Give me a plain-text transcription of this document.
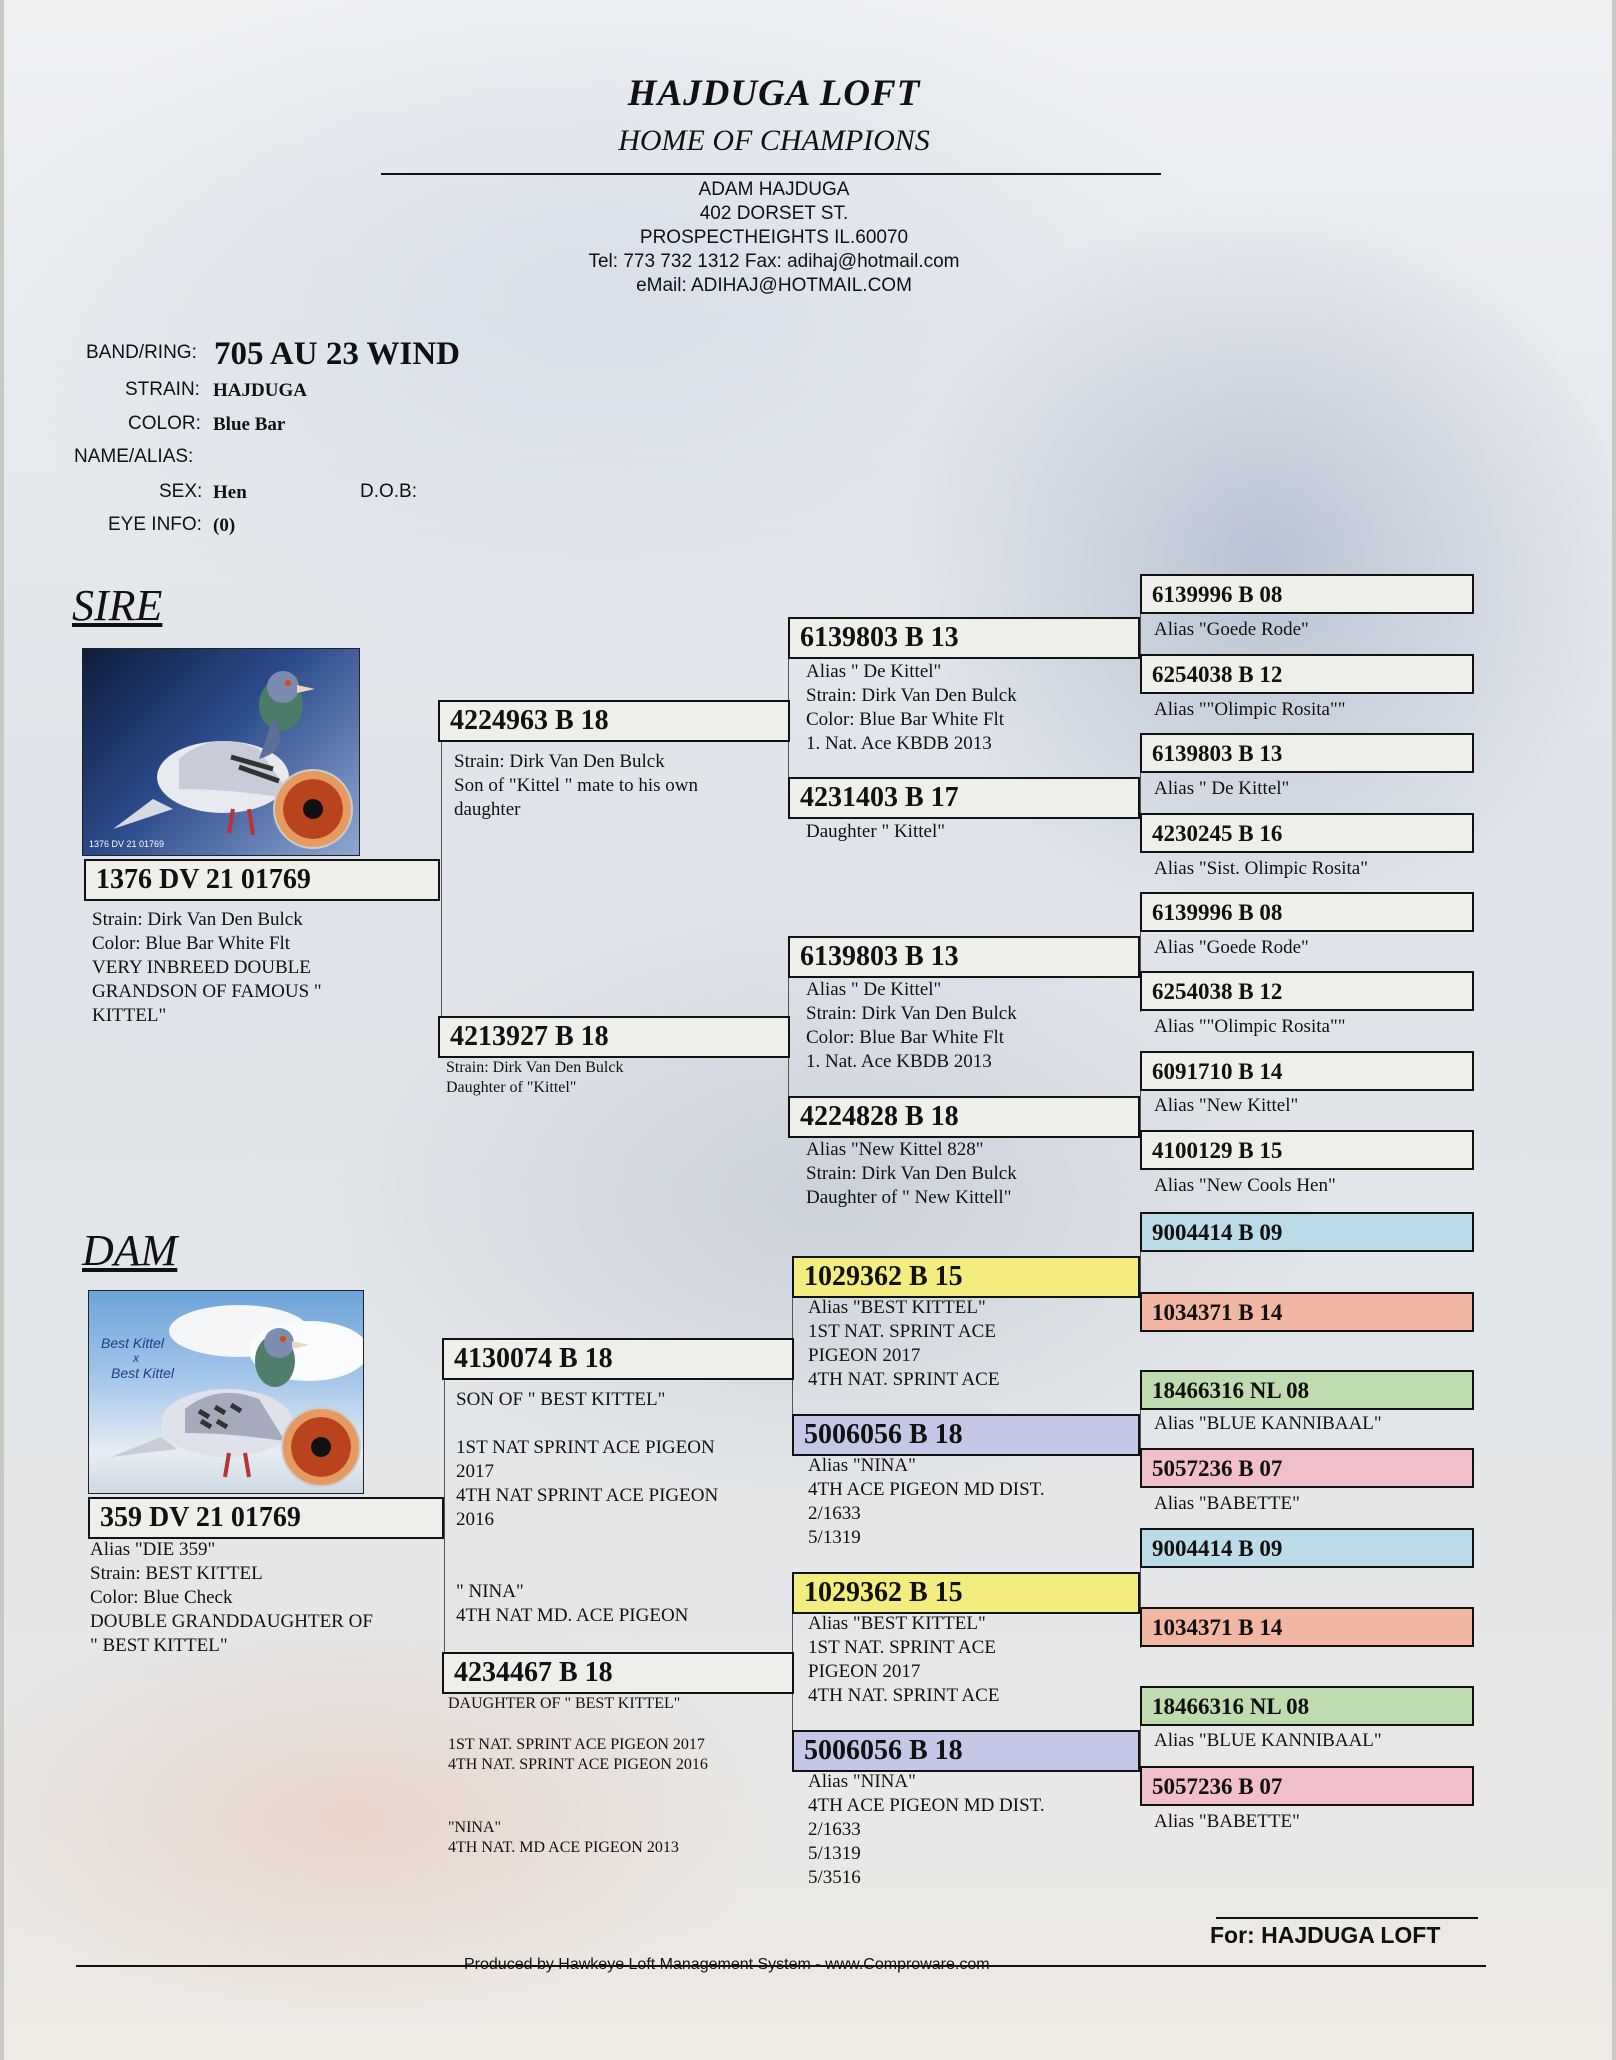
HAJDUGA LOFT
HOME OF CHAMPIONS
ADAM HAJDUGA
402 DORSET ST.
PROSPECTHEIGHTS IL.60070
Tel: 773 732 1312 Fax: adihaj@hotmail.com
eMail: ADIHAJ@HOTMAIL.COM
BAND/RING: 705 AU 23 WIND
STRAIN: HAJDUGA
COLOR: Blue Bar
NAME/ALIAS:
SEX: Hen	D.O.B:
EYE INFO: (0)
SIRE
DAM
1376 DV 21 01769
Best Kittel
x
Best Kittel
1376 DV 21 01769
Strain: Dirk Van Den Bulck
Color: Blue Bar White Flt
VERY INBREED DOUBLE
GRANDSON OF FAMOUS "
KITTEL"
359 DV 21 01769
Alias "DIE 359"
Strain: BEST KITTEL
Color: Blue Check
DOUBLE GRANDDAUGHTER OF
" BEST KITTEL"
4224963 B 18
Strain: Dirk Van Den Bulck
Son of "Kittel " mate to his own
daughter
4213927 B 18
Strain: Dirk Van Den Bulck
Daughter of "Kittel"
4130074 B 18
SON OF " BEST KITTEL"

1ST NAT SPRINT ACE PIGEON
2017
4TH NAT SPRINT ACE PIGEON
2016

" NINA"
4TH NAT MD. ACE PIGEON
4234467 B 18
DAUGHTER OF " BEST KITTEL"
1ST NAT. SPRINT ACE PIGEON 2017
4TH NAT. SPRINT ACE PIGEON 2016
"NINA"
4TH NAT. MD ACE PIGEON 2013
6139803 B 13
Alias " De Kittel"
Strain: Dirk Van Den Bulck
Color: Blue Bar White Flt
1. Nat. Ace KBDB 2013
4231403 B 17
Daughter " Kittel"
6139803 B 13
Alias " De Kittel"
Strain: Dirk Van Den Bulck
Color: Blue Bar White Flt
1. Nat. Ace KBDB 2013
4224828 B 18
Alias "New Kittel 828"
Strain: Dirk Van Den Bulck
Daughter of " New Kittell"
1029362 B 15
Alias "BEST KITTEL"
1ST NAT. SPRINT ACE
PIGEON 2017
4TH NAT. SPRINT ACE
5006056 B 18
Alias "NINA"
4TH ACE PIGEON MD DIST.
2/1633
5/1319
1029362 B 15
Alias "BEST KITTEL"
1ST NAT. SPRINT ACE
PIGEON 2017
4TH NAT. SPRINT ACE
5006056 B 18
Alias "NINA"
4TH ACE PIGEON MD DIST.
2/1633
5/1319
5/3516
6139996 B 08
Alias "Goede Rode"
6254038 B 12
Alias ""Olimpic Rosita""
6139803 B 13
Alias " De Kittel"
4230245 B 16
Alias "Sist. Olimpic Rosita"
6139996 B 08
Alias "Goede Rode"
6254038 B 12
Alias ""Olimpic Rosita""
6091710 B 14
Alias "New Kittel"
4100129 B 15
Alias "New Cools Hen"
9004414 B 09
1034371 B 14
18466316 NL 08
Alias "BLUE KANNIBAAL"
5057236 B 07
Alias "BABETTE"
9004414 B 09
1034371 B 14
18466316 NL 08
Alias "BLUE KANNIBAAL"
5057236 B 07
Alias "BABETTE"
For: HAJDUGA LOFT
Produced by Hawkeye Loft Management System - www.Comproware.com
